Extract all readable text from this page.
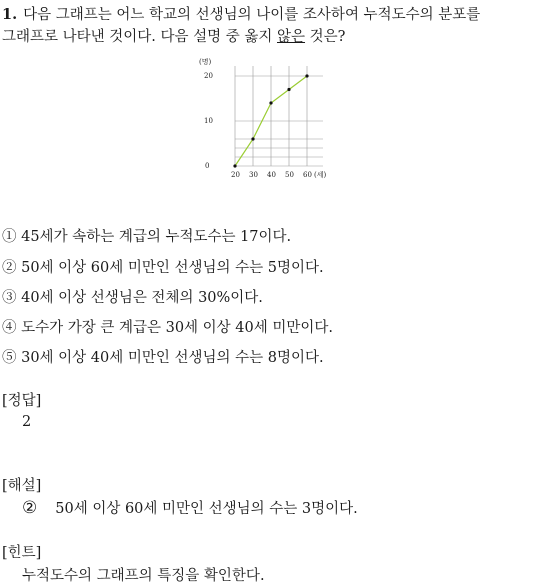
1. 다음 그래프는 어느 학교의 선생님의 나이를 조사하여 누적도수의 분포를
그래프로 나타낸 것이다. 다음 설명 중 옳지 않은 것은?
(명)
0
10
20
20 30 40 50 60 (세)
① 45세가 속하는 계급의 누적도수는 17이다.
② 50세 이상 60세 미만인 선생님의 수는 5명이다.
③ 40세 이상 선생님은 전체의 30%이다.
④ 도수가 가장 큰 계급은 30세 이상 40세 미만이다.
⑤ 30세 이상 40세 미만인 선생님의 수는 8명이다.
[정답]
2
[해설]
② 50세 이상 60세 미만인 선생님의 수는 3명이다.
[힌트]
누적도수의 그래프의 특징을 확인한다.
